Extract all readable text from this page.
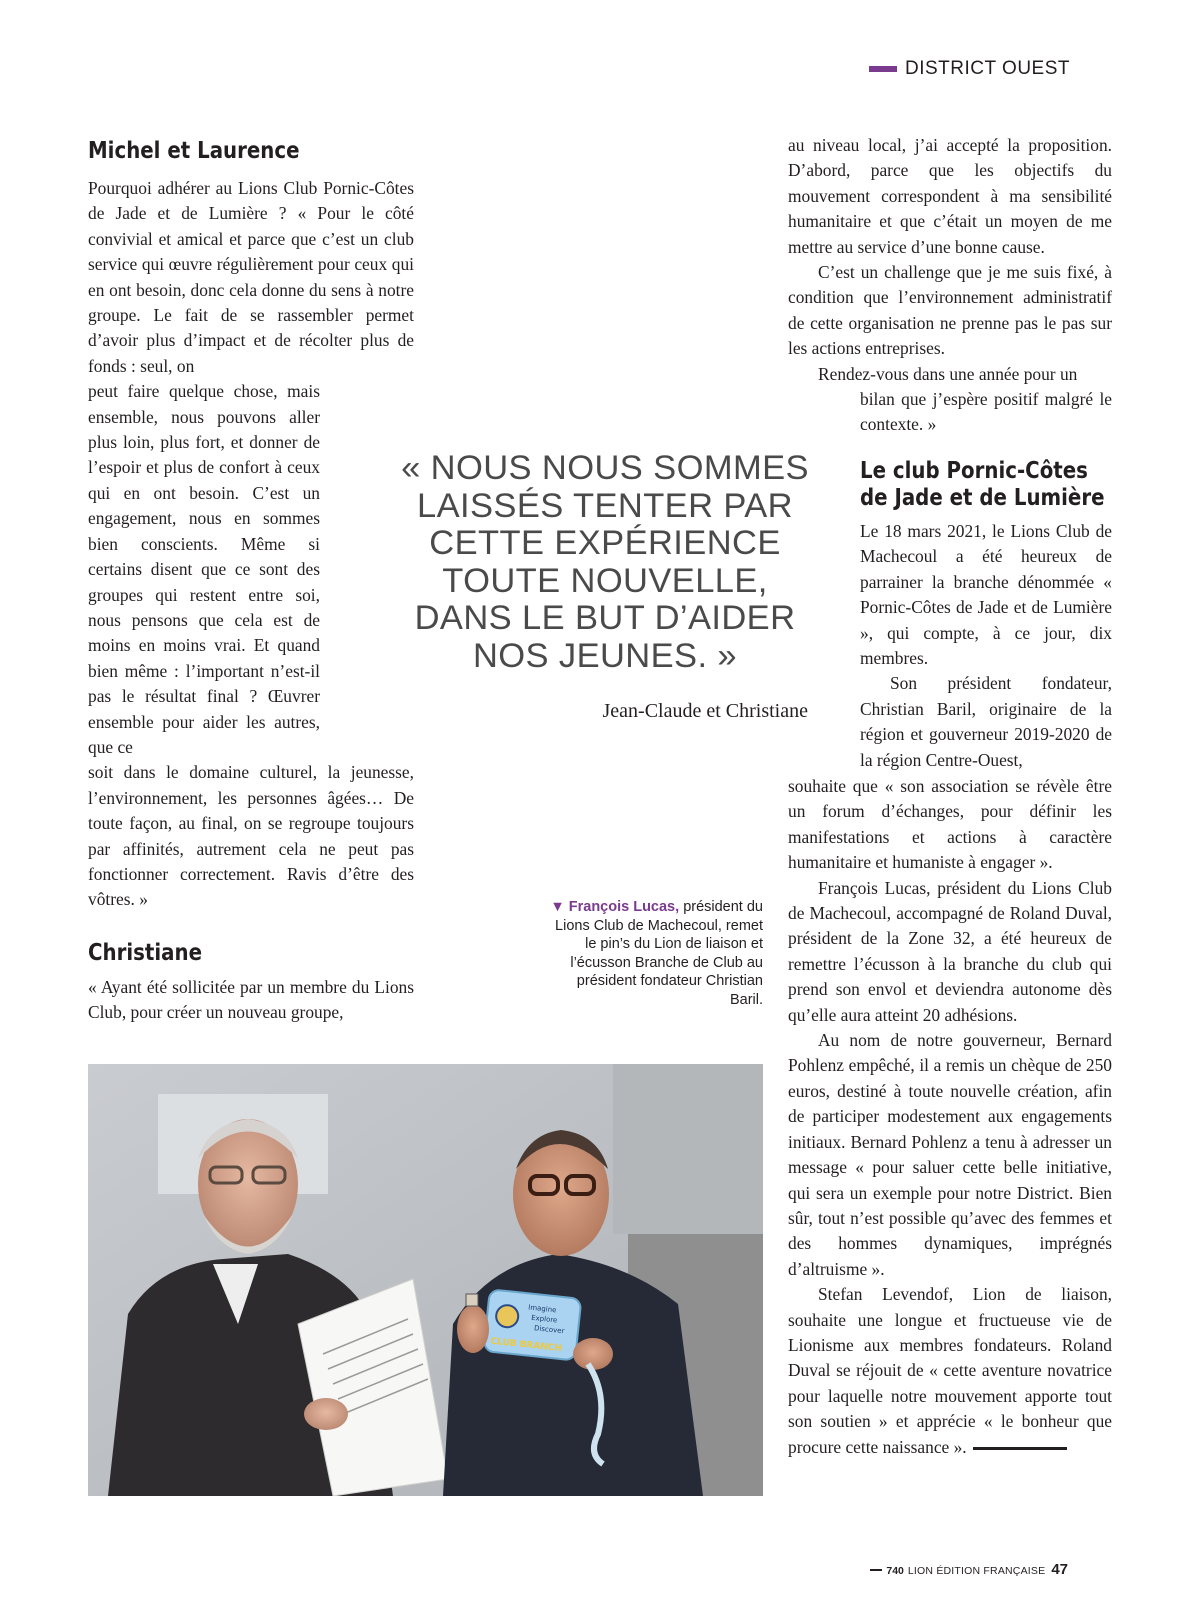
DISTRICT OUEST
Michel et Laurence

Pourquoi adhérer au Lions Club Pornic-Côtes de Jade et de Lumière ? « Pour le côté convivial et amical et parce que c’est un club service qui œuvre régulièrement pour ceux qui en ont besoin, donc cela donne du sens à notre groupe. Le fait de se rassembler permet d’avoir plus d’impact et de récolter plus de fonds : seul, on

peut faire quelque chose, mais ensemble, nous pouvons aller plus loin, plus fort, et donner de l’espoir et plus de confort à ceux qui en ont besoin. C’est un engagement, nous en sommes bien conscients. Même si certains disent que ce sont des groupes qui restent entre soi, nous pensons que cela est de moins en moins vrai. Et quand bien même : l’important n’est-il pas le résultat final ? Œuvrer ensemble pour aider les autres, que ce

soit dans le domaine culturel, la jeunesse, l’environnement, les personnes âgées… De toute façon, au final, on se regroupe toujours par affinités, autrement cela ne peut pas fonctionner correctement. Ravis d’être des vôtres. »

Christiane

« Ayant été sollicitée par un membre du Lions Club, pour créer un nouveau groupe,

« NOUS NOUS SOMMES LAISSÉS TENTER PAR CETTE EXPÉRIENCE TOUTE NOUVELLE, DANS LE BUT D’AIDER NOS JEUNES. »
Jean-Claude et Christiane

au niveau local, j’ai accepté la proposition. D’abord, parce que les objectifs du mouvement correspondent à ma sensibilité humanitaire et que c’était un moyen de me mettre au service d’une bonne cause.

C’est un challenge que je me suis fixé, à condition que l’environnement administratif de cette organisation ne prenne pas le pas sur les actions entreprises.

Rendez-vous dans une année pour un

bilan que j’espère positif malgré le contexte. »

Le club Pornic-Côtes de Jade et de Lumière

Le 18 mars 2021, le Lions Club de Machecoul a été heureux de parrainer la branche dénommée « Pornic-Côtes de Jade et de Lumière », qui compte, à ce jour, dix membres.

Son président fondateur, Christian Baril, originaire de la région et gouverneur 2019-2020 de la région Centre-Ouest,

souhaite que « son association se révèle être un forum d’échanges, pour définir les manifestations et actions à caractère humanitaire et humaniste à engager ».

François Lucas, président du Lions Club de Machecoul, accompagné de Roland Duval, président de la Zone 32, a été heureux de remettre l’écusson à la branche du club qui prend son envol et deviendra autonome dès qu’elle aura atteint 20 adhésions.

Au nom de notre gouverneur, Bernard Pohlenz empêché, il a remis un chèque de 250 euros, destiné à toute nouvelle création, afin de participer modestement aux engagements initiaux. Bernard Pohlenz a tenu à adresser un message « pour saluer cette belle initiative, qui sera un exemple pour notre District. Bien sûr, tout n’est possible qu’avec des femmes et des hommes dynamiques, imprégnés d’altruisme ».

Stefan Levendof, Lion de liaison, souhaite une longue et fructueuse vie de Lionisme aux membres fondateurs. Roland Duval se réjouit de « cette aventure novatrice pour laquelle notre mouvement apporte tout son soutien » et apprécie « le bonheur que procure cette naissance ».

▼ François Lucas, président du Lions Club de Machecoul, remet le pin’s du Lion de liaison et l’écusson Branche de Club au président fondateur Christian Baril.
Imagine
Explore
Discover
CLUB BRANCH
740 LION ÉDITION FRANÇAISE 47
